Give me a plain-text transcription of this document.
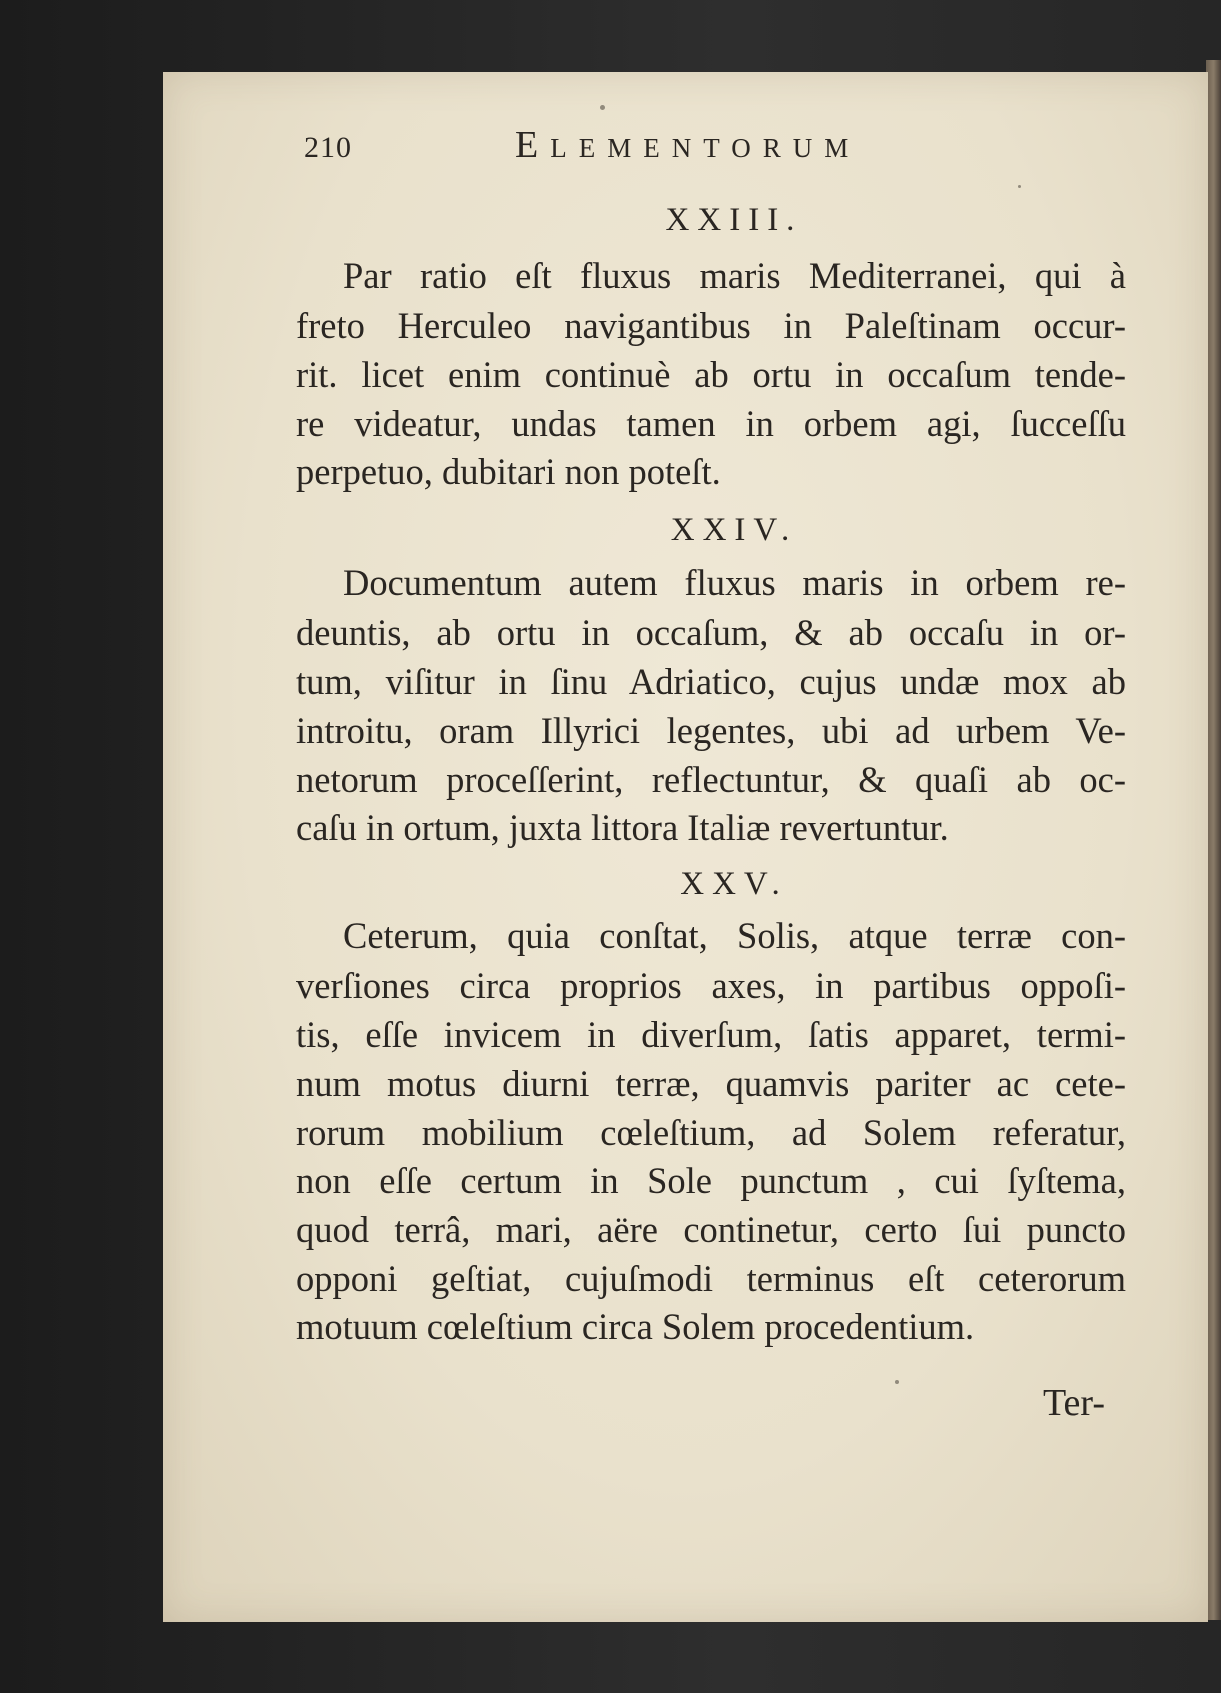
210	Elementorum
XXIII.
Par ratio eſt fluxus maris Mediterranei, qui à
freto Herculeo navigantibus in Paleſtinam occur-
rit. licet enim continuè ab ortu in occaſum tende-
re videatur, undas tamen in orbem agi, ſucceſſu
perpetuo, dubitari non poteſt.
XXIV.
Documentum autem fluxus maris in orbem re-
deuntis, ab ortu in occaſum, & ab occaſu in or-
tum, viſitur in ſinu Adriatico, cujus undæ mox ab
introitu, oram Illyrici legentes, ubi ad urbem Ve-
netorum proceſſerint, reflectuntur, & quaſi ab oc-
caſu in ortum, juxta littora Italiæ revertuntur.
XXV.
Ceterum, quia conſtat, Solis, atque terræ con-
verſiones circa proprios axes, in partibus oppoſi-
tis, eſſe invicem in diverſum, ſatis apparet, termi-
num motus diurni terræ, quamvis pariter ac cete-
rorum mobilium cœleſtium, ad Solem referatur,
non eſſe certum in Sole punctum , cui ſyſtema,
quod terrâ, mari, aëre continetur, certo ſui puncto
opponi geſtiat, cujuſmodi terminus eſt ceterorum
motuum cœleſtium circa Solem procedentium.
Ter-
